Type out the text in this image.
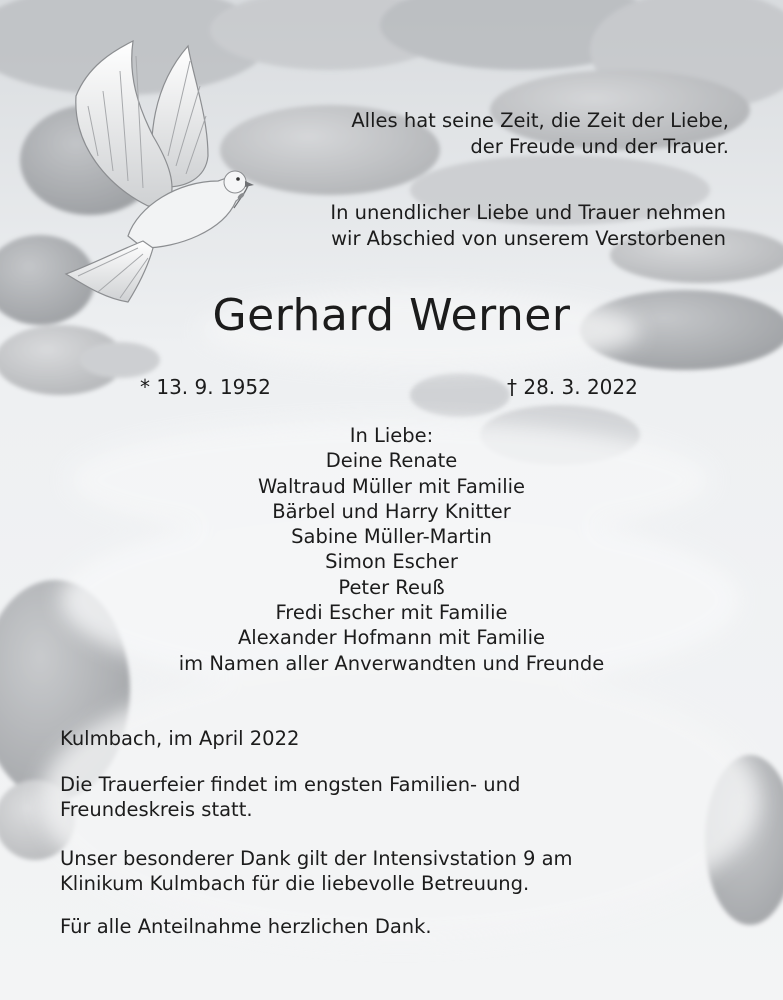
Alles hat seine Zeit, die Zeit der Liebe,
der Freude und der Trauer.
In unendlicher Liebe und Trauer nehmen
wir Abschied von unserem Verstorbenen
Gerhard Werner
* 13. 9. 1952	† 28. 3. 2022
In Liebe:
Deine Renate
Waltraud Müller mit Familie
Bärbel und Harry Knitter
Sabine Müller-Martin
Simon Escher
Peter Reuß
Fredi Escher mit Familie
Alexander Hofmann mit Familie
im Namen aller Anverwandten und Freunde
Kulmbach, im April 2022
Die Trauerfeier findet im engsten Familien- und
Freundeskreis statt.
Unser besonderer Dank gilt der Intensivstation 9 am
Klinikum Kulmbach für die liebevolle Betreuung.
Für alle Anteilnahme herzlichen Dank.
